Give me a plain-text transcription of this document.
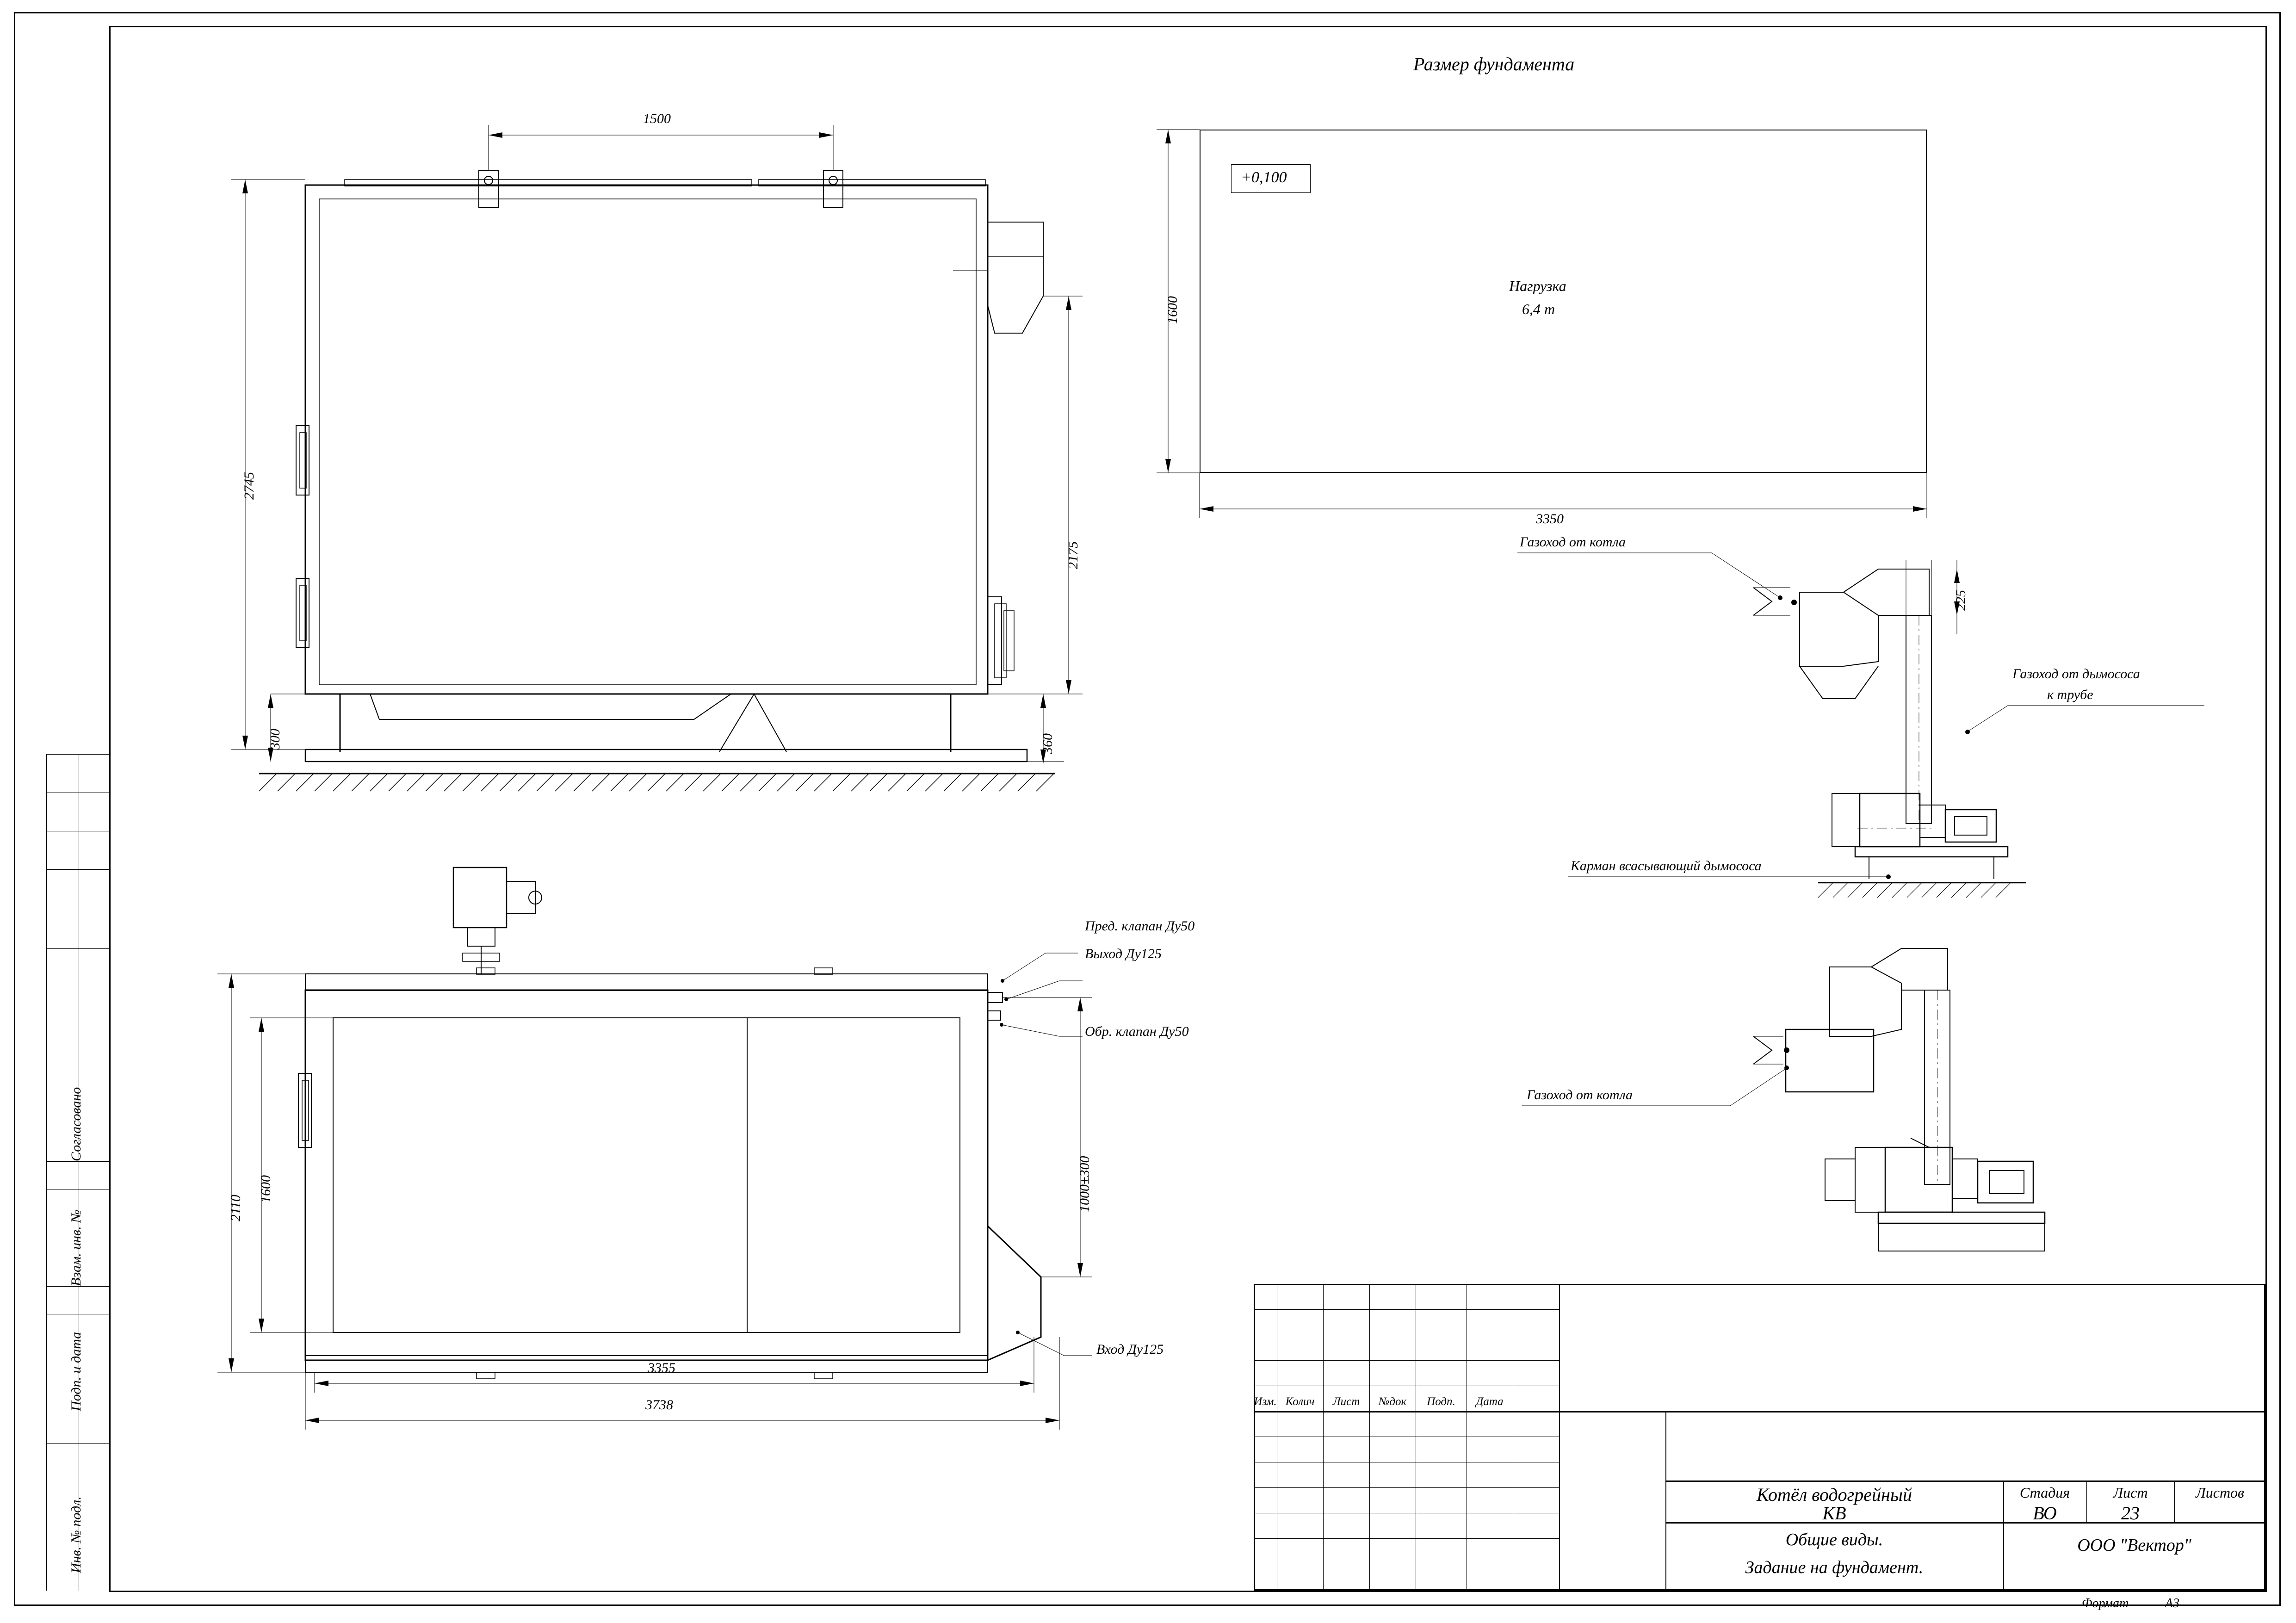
Согласовано
Взам. инв. №
Подп. и дата
Инв. № подл.
Размер фундамента
+0,100
Нагрузка
6,4 т
3350
1600
1500
2745
300
2175
360
2110
1600
3355
3738
1000±300
Пред. клапан Ду50
Выход Ду125
Обр. клапан Ду50
Вход Ду125
Газоход от котла
225
Газоход от дымососа
к трубе
Карман всасывающий дымососа
Газоход от котла
Изм. Колич	Лист	№док	Подп.	Дата
Котёл водогрейный
КВ
Общие виды.
Задание на фундамент.
Стадия	Лист	Листов
ВО	23
ООО "Вектор"
Формат	А3
